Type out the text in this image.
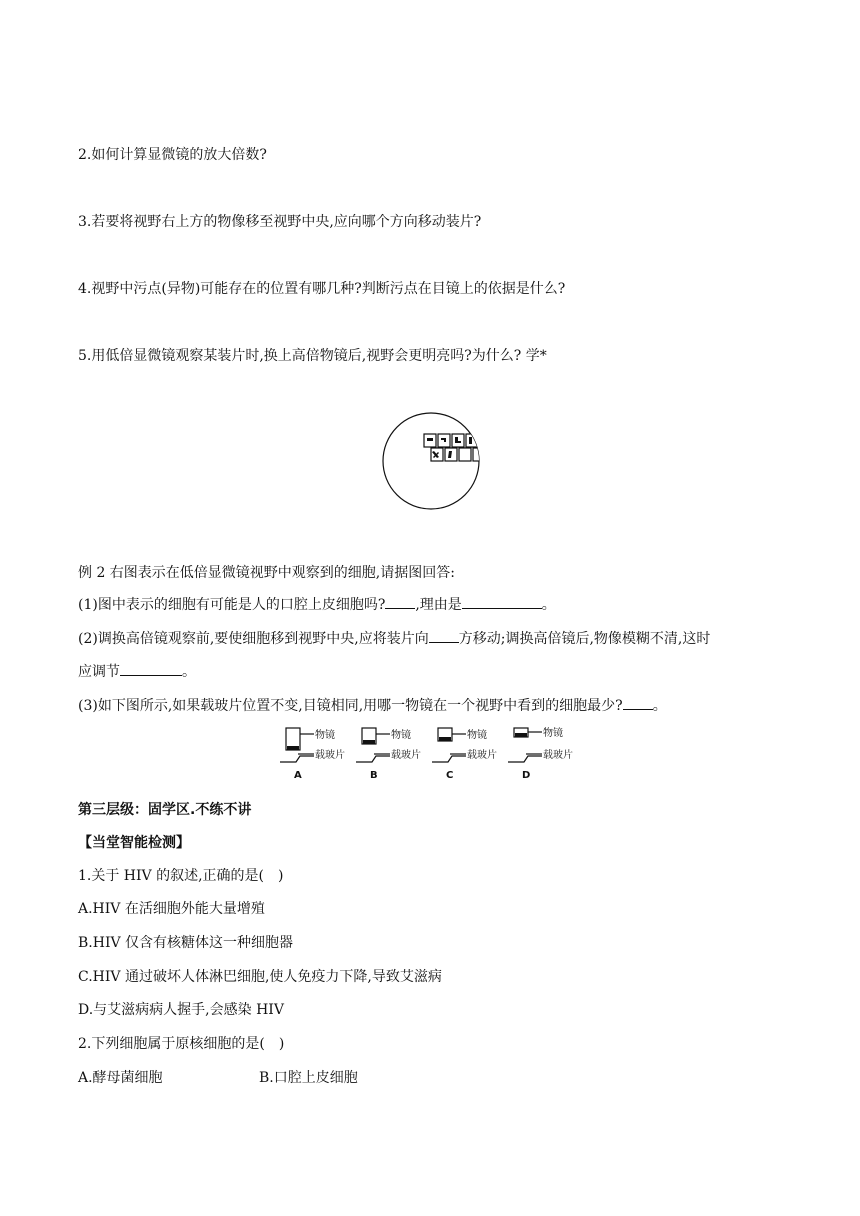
2.如何计算显微镜的放大倍数?
3.若要将视野右上方的物像移至视野中央,应向哪个方向移动装片?
4.视野中污点(异物)可能存在的位置有哪几种?判断污点在目镜上的依据是什么?
5.用低倍显微镜观察某装片时,换上高倍物镜后,视野会更明亮吗?为什么? 学*
例 2 右图表示在低倍显微镜视野中观察到的细胞,请据图回答:
(1)图中表示的细胞有可能是人的口腔上皮细胞吗? ,理由是	。
(2)调换高倍镜观察前,要使细胞移到视野中央,应将装片向 方移动;调换高倍镜后,物像模糊不清,这时
应调节	。
(3)如下图所示,如果载玻片位置不变,目镜相同,用哪一物镜在一个视野中看到的细胞最少? 。
物镜
载玻片
物镜
载玻片
物镜
载玻片
物镜
载玻片
A	B	C	D
第三层级：固学区.不练不讲
【当堂智能检测】
1.关于 HIV 的叙述,正确的是(　)
A.HIV 在活细胞外能大量增殖
B.HIV 仅含有核糖体这一种细胞器
C.HIV 通过破坏人体淋巴细胞,使人免疫力下降,导致艾滋病
D.与艾滋病病人握手,会感染 HIV
2.下列细胞属于原核细胞的是(　)
A.酵母菌细胞	B.口腔上皮细胞
